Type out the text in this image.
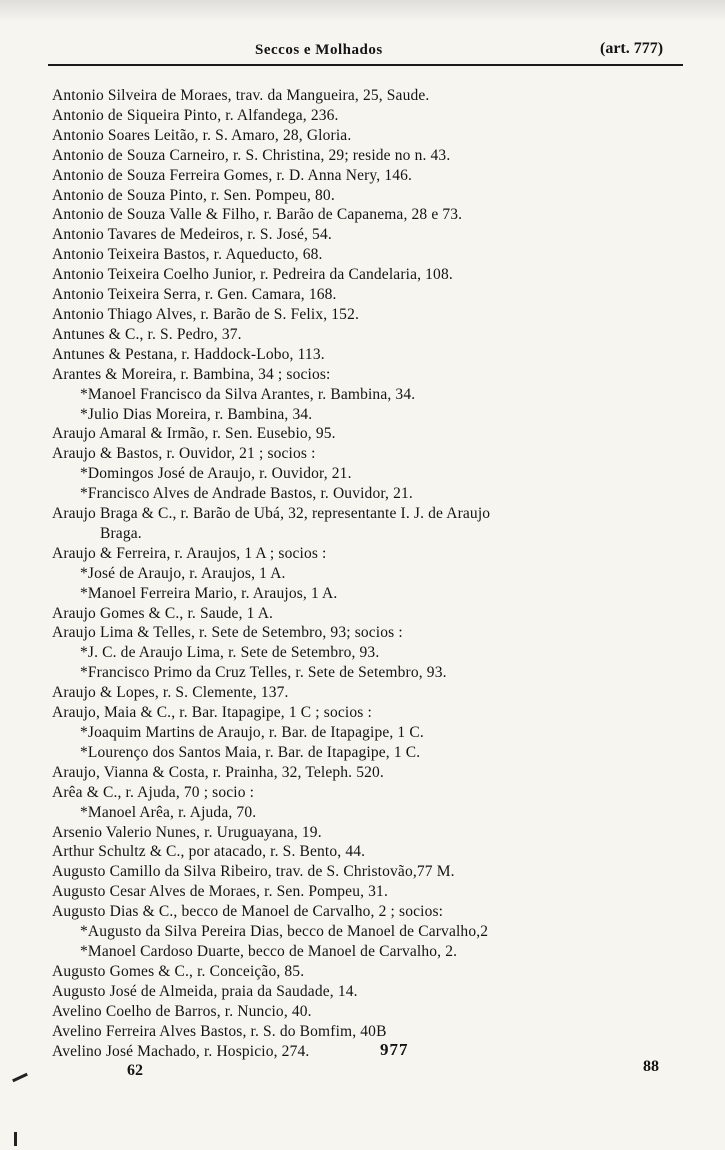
Seccos e Molhados	(art. 777)
Antonio Silveira de Moraes, trav. da Mangueira, 25, Saude.
Antonio de Siqueira Pinto, r. Alfandega, 236.
Antonio Soares Leitão, r. S. Amaro, 28, Gloria.
Antonio de Souza Carneiro, r. S. Christina, 29; reside no n. 43.
Antonio de Souza Ferreira Gomes, r. D. Anna Nery, 146.
Antonio de Souza Pinto, r. Sen. Pompeu, 80.
Antonio de Souza Valle & Filho, r. Barão de Capanema, 28 e 73.
Antonio Tavares de Medeiros, r. S. José, 54.
Antonio Teixeira Bastos, r. Aqueducto, 68.
Antonio Teixeira Coelho Junior, r. Pedreira da Candelaria, 108.
Antonio Teixeira Serra, r. Gen. Camara, 168.
Antonio Thiago Alves, r. Barão de S. Felix, 152.
Antunes & C., r. S. Pedro, 37.
Antunes & Pestana, r. Haddock-Lobo, 113.
Arantes & Moreira, r. Bambina, 34 ; socios:
*Manoel Francisco da Silva Arantes, r. Bambina, 34.
*Julio Dias Moreira, r. Bambina, 34.
Araujo Amaral & Irmão, r. Sen. Eusebio, 95.
Araujo & Bastos, r. Ouvidor, 21 ; socios :
*Domingos José de Araujo, r. Ouvidor, 21.
*Francisco Alves de Andrade Bastos, r. Ouvidor, 21.
Araujo Braga & C., r. Barão de Ubá, 32, representante I. J. de Araujo
Braga.
Araujo & Ferreira, r. Araujos, 1 A ; socios :
*José de Araujo, r. Araujos, 1 A.
*Manoel Ferreira Mario, r. Araujos, 1 A.
Araujo Gomes & C., r. Saude, 1 A.
Araujo Lima & Telles, r. Sete de Setembro, 93; socios :
*J. C. de Araujo Lima, r. Sete de Setembro, 93.
*Francisco Primo da Cruz Telles, r. Sete de Setembro, 93.
Araujo & Lopes, r. S. Clemente, 137.
Araujo, Maia & C., r. Bar. Itapagipe, 1 C ; socios :
*Joaquim Martins de Araujo, r. Bar. de Itapagipe, 1 C.
*Lourenço dos Santos Maia, r. Bar. de Itapagipe, 1 C.
Araujo, Vianna & Costa, r. Prainha, 32, Teleph. 520.
Arêa & C., r. Ajuda, 70 ; socio :
*Manoel Arêa, r. Ajuda, 70.
Arsenio Valerio Nunes, r. Uruguayana, 19.
Arthur Schultz & C., por atacado, r. S. Bento, 44.
Augusto Camillo da Silva Ribeiro, trav. de S. Christovão,77 M.
Augusto Cesar Alves de Moraes, r. Sen. Pompeu, 31.
Augusto Dias & C., becco de Manoel de Carvalho, 2 ; socios:
*Augusto da Silva Pereira Dias, becco de Manoel de Carvalho,2
*Manoel Cardoso Duarte, becco de Manoel de Carvalho, 2.
Augusto Gomes & C., r. Conceição, 85.
Augusto José de Almeida, praia da Saudade, 14.
Avelino Coelho de Barros, r. Nuncio, 40.
Avelino Ferreira Alves Bastos, r. S. do Bomfim, 40B
Avelino José Machado, r. Hospicio, 274.	977
62	88
